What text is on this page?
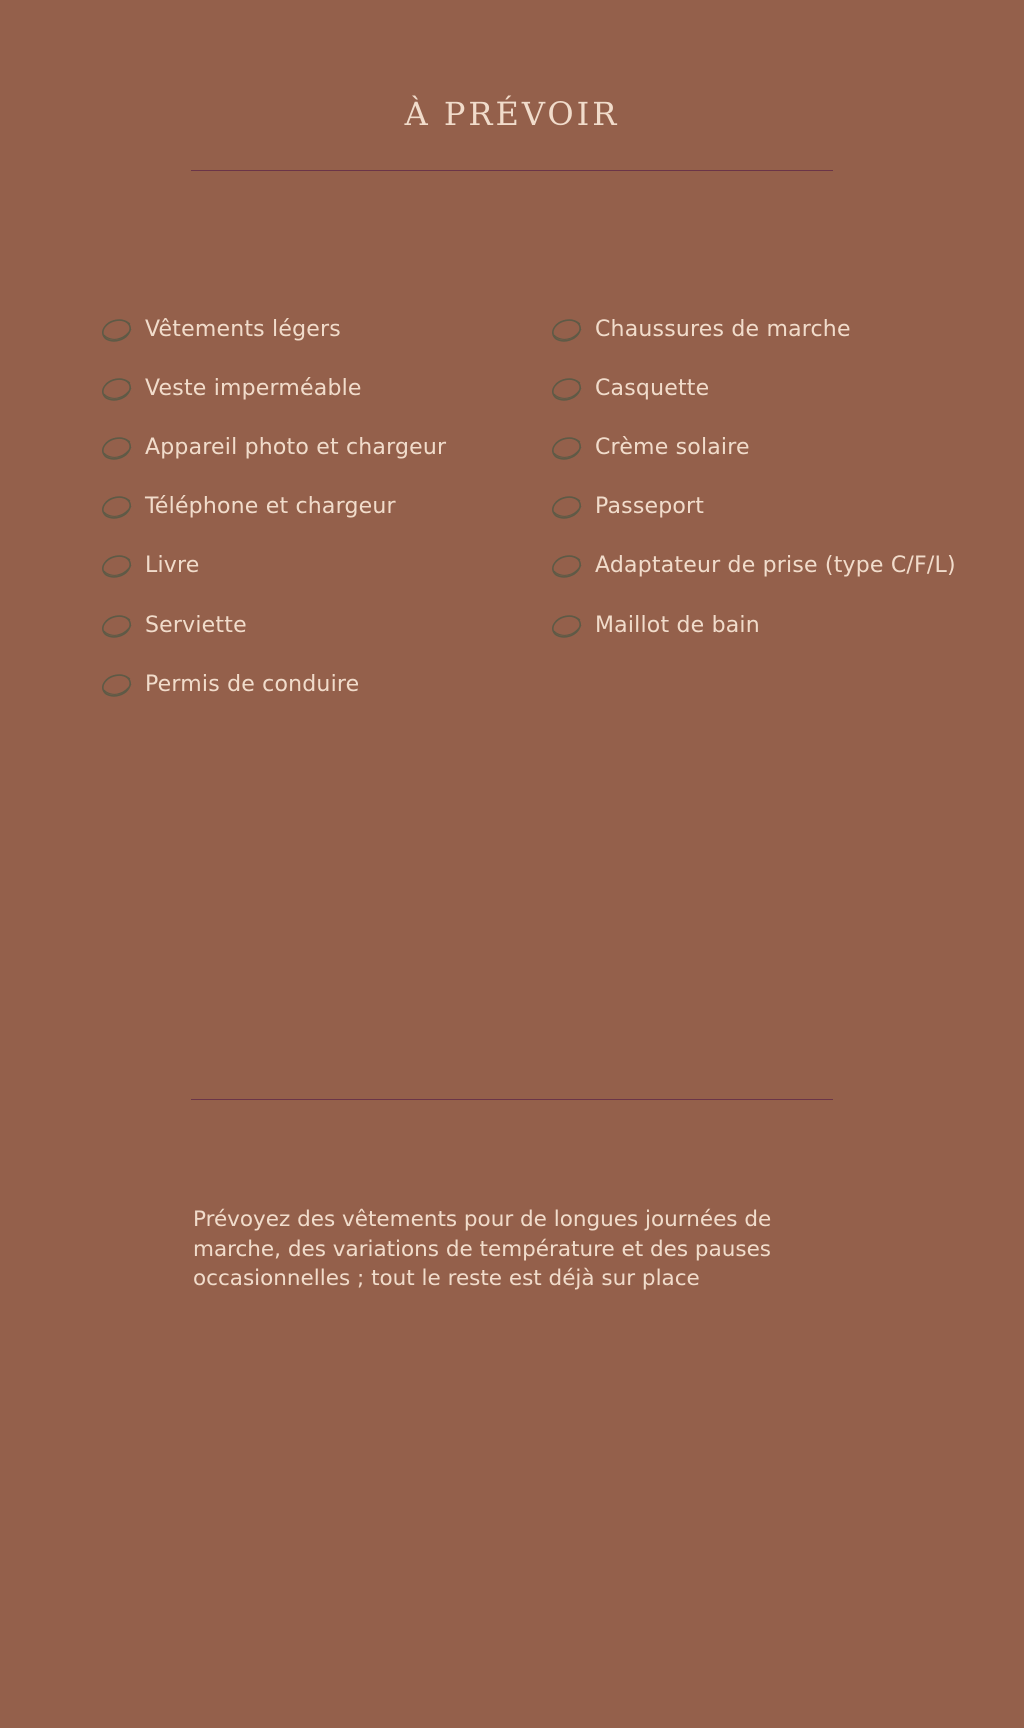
À PRÉVOIR
Vêtements légers
Veste imperméable
Appareil photo et chargeur
Téléphone et chargeur
Livre
Serviette
Permis de conduire
Chaussures de marche
Casquette
Crème solaire
Passeport
Adaptateur de prise (type C/F/L)
Maillot de bain

Prévoyez des vêtements pour de longues journées de marche, des variations de température et des pauses occasionnelles ; tout le reste est déjà sur place
